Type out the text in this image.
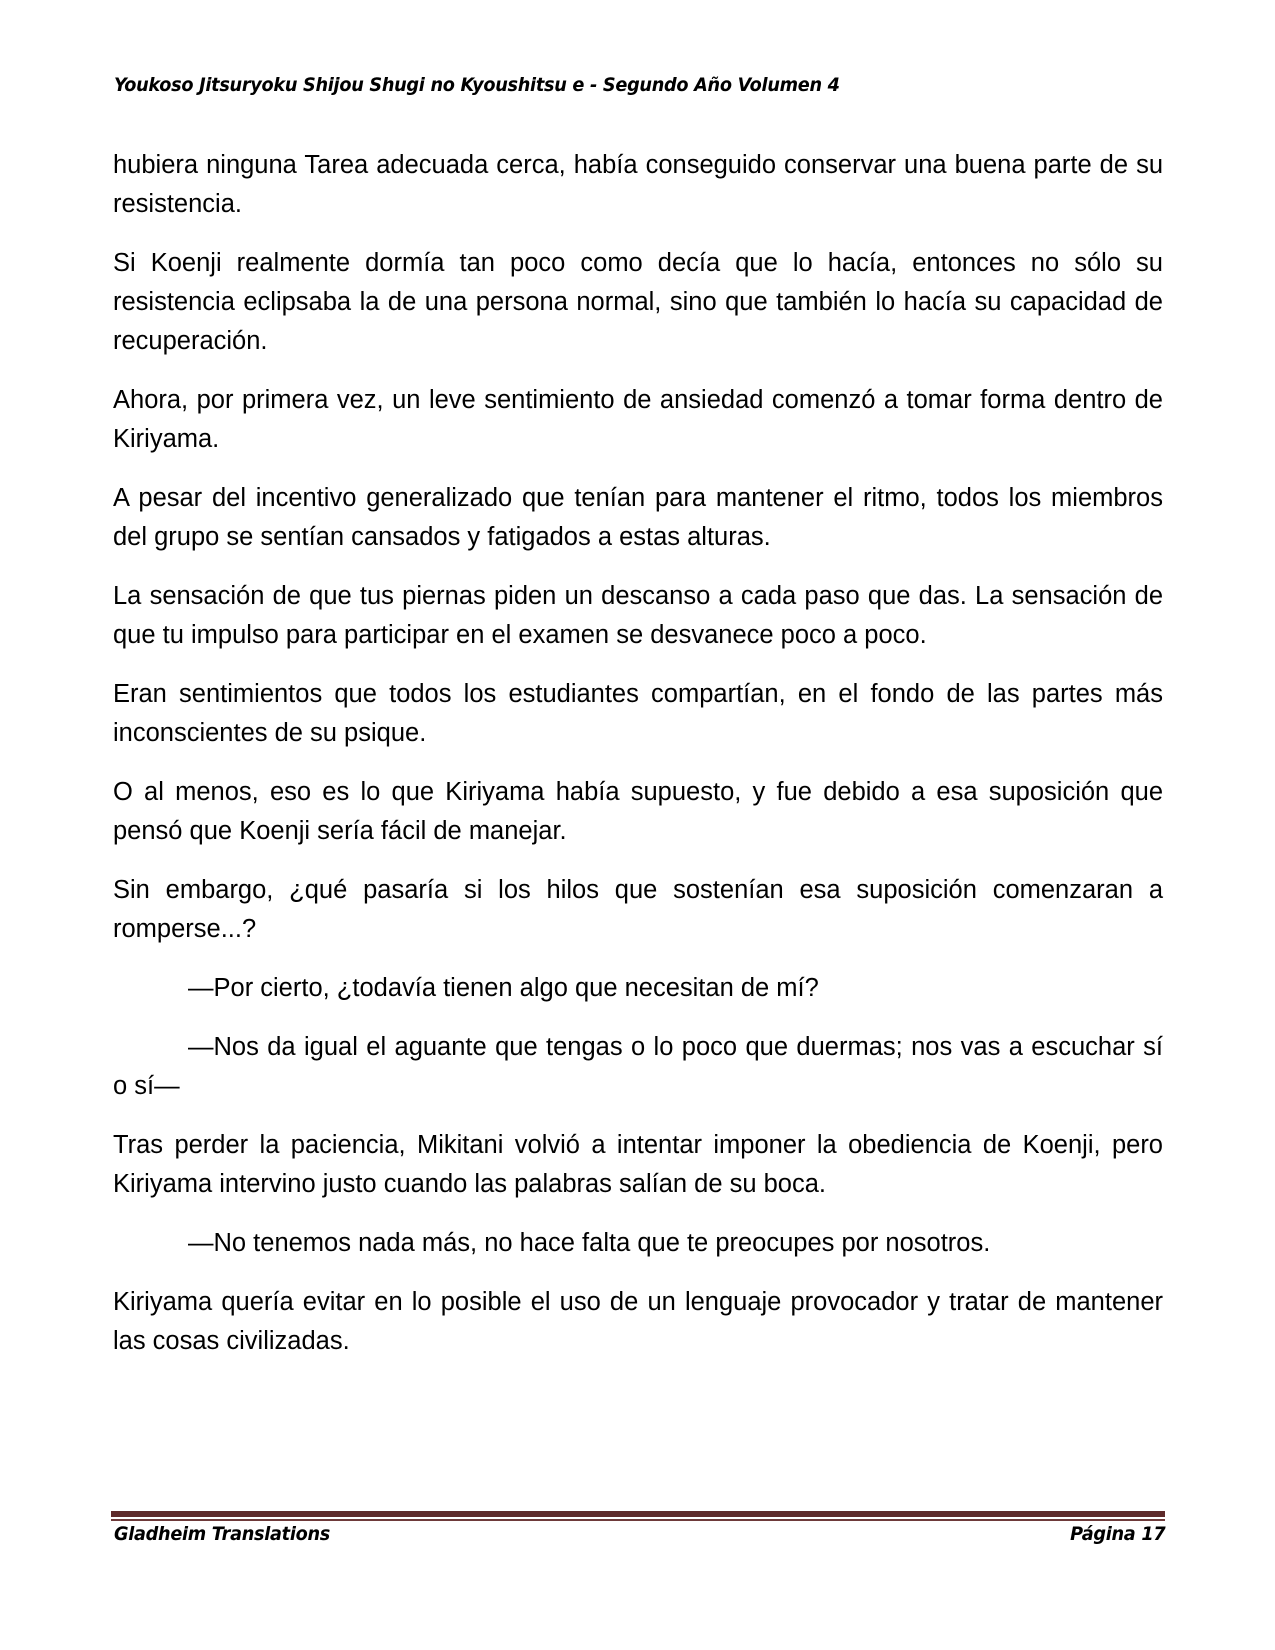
Youkoso Jitsuryoku Shijou Shugi no Kyoushitsu e - Segundo Año Volumen 4

hubiera ninguna Tarea adecuada cerca, había conseguido conservar una buena parte de su resistencia.

Si Koenji realmente dormía tan poco como decía que lo hacía, entonces no sólo su resistencia eclipsaba la de una persona normal, sino que también lo hacía su capacidad de recuperación.

Ahora, por primera vez, un leve sentimiento de ansiedad comenzó a tomar forma dentro de Kiriyama.

A pesar del incentivo generalizado que tenían para mantener el ritmo, todos los miembros del grupo se sentían cansados y fatigados a estas alturas.

La sensación de que tus piernas piden un descanso a cada paso que das. La sensación de que tu impulso para participar en el examen se desvanece poco a poco.

Eran sentimientos que todos los estudiantes compartían, en el fondo de las partes más inconscientes de su psique.

O al menos, eso es lo que Kiriyama había supuesto, y fue debido a esa suposición que pensó que Koenji sería fácil de manejar.

Sin embargo, ¿qué pasaría si los hilos que sostenían esa suposición comenzaran a romperse...?

—Por cierto, ¿todavía tienen algo que necesitan de mí?

—Nos da igual el aguante que tengas o lo poco que duermas; nos vas a escuchar sí o sí—

Tras perder la paciencia, Mikitani volvió a intentar imponer la obediencia de Koenji, pero Kiriyama intervino justo cuando las palabras salían de su boca.

—No tenemos nada más, no hace falta que te preocupes por nosotros.

Kiriyama quería evitar en lo posible el uso de un lenguaje provocador y tratar de mantener las cosas civilizadas.

Gladheim Translations	Página 17
